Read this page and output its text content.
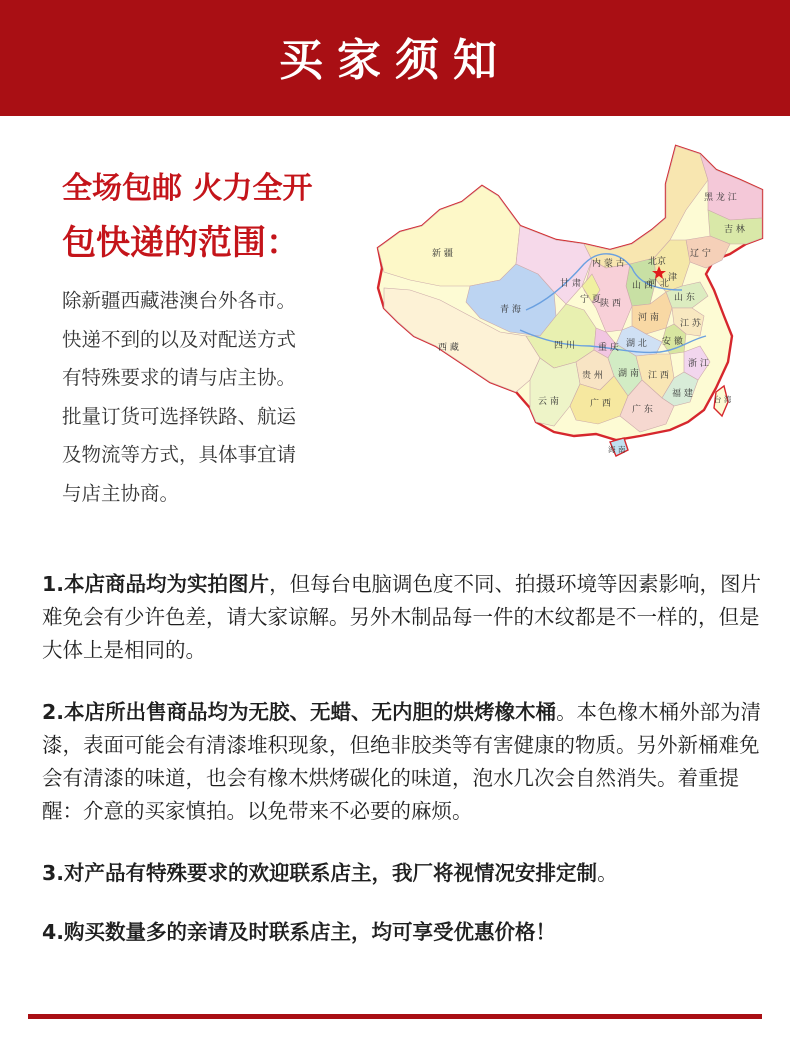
买家须知
全场包邮 火力全开
包快递的范围：
除新疆西藏港澳台外各市。
快递不到的以及对配送方式
有特殊要求的请与店主协。
批量订货可选择铁路、航运
及物流等方式，具体事宜请
与店主协商。
新 疆
西 藏
青 海
甘 肃
内 蒙 古
黑 龙 江
吉 林
辽 宁
北京
河 北
津
山 西
陕 西
宁 夏	山 东
河 南
江 苏
安 徽
四 川	重 庆 湖 北
浙 江
贵 州 湖 南 江 西
福 建
云 南	广 西
广 东
台 湾
海 南
1.本店商品均为实拍图片，但每台电脑调色度不同、拍摄环境等因素影响，图片难免会有少许色差，请大家谅解。另外木制品每一件的木纹都是不一样的，但是大体上是相同的。
2.本店所出售商品均为无胶、无蜡、无内胆的烘烤橡木桶。本色橡木桶外部为清漆，表面可能会有清漆堆积现象，但绝非胶类等有害健康的物质。另外新桶难免会有清漆的味道，也会有橡木烘烤碳化的味道，泡水几次会自然消失。着重提醒：介意的买家慎拍。以免带来不必要的麻烦。
3.对产品有特殊要求的欢迎联系店主，我厂将视情况安排定制。
4.购买数量多的亲请及时联系店主，均可享受优惠价格！
